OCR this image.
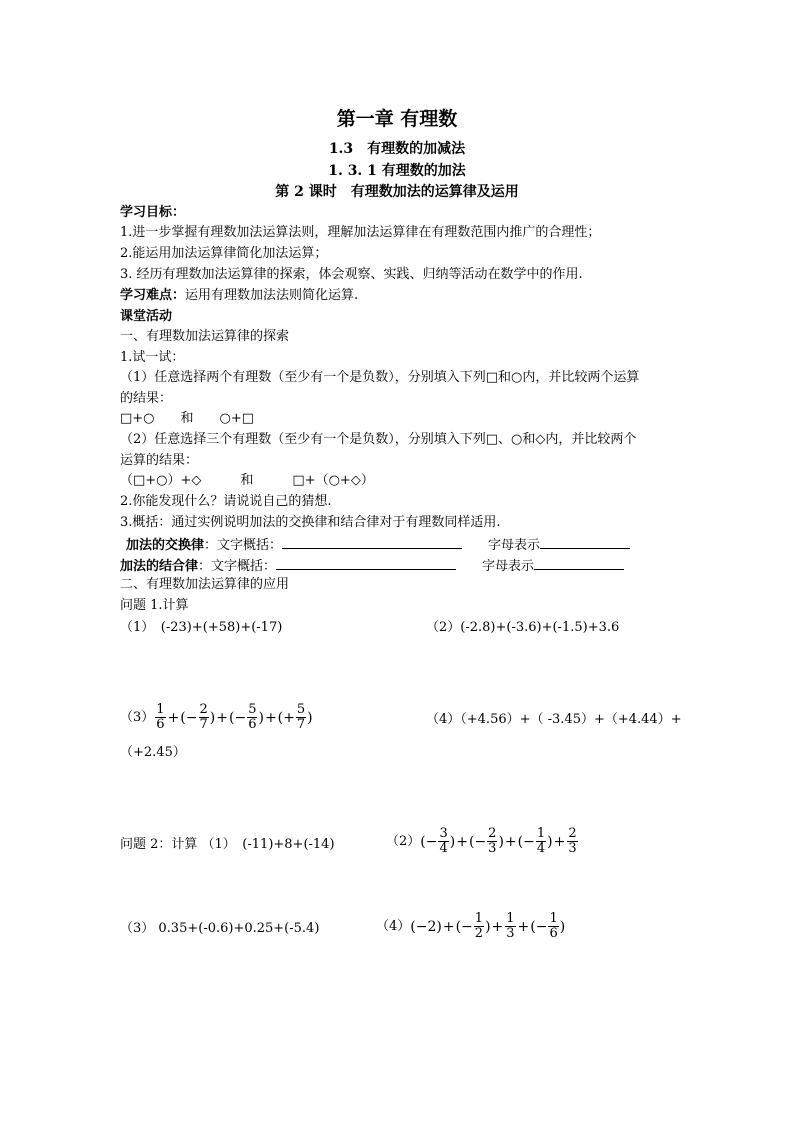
第一章 有理数
1.3　有理数的加减法
1. 3. 1 有理数的加法
第 2 课时　有理数加法的运算律及运用
学习目标：
1.进一步掌握有理数加法运算法则，理解加法运算律在有理数范围内推广的合理性；
2.能运用加法运算律简化加法运算；
3. 经历有理数加法运算律的探索，体会观察、实践、归纳等活动在数学中的作用.
学习难点：运用有理数加法法则简化运算.
课堂活动
一、有理数加法运算律的探索
1.试一试：
（1）任意选择两个有理数（至少有一个是负数），分别填入下列□和○内，并比较两个运算
的结果：
□+○　　和　　○+□
（2）任意选择三个有理数（至少有一个是负数），分别填入下列□、○和◇内，并比较两个
运算的结果：
（□+○）+◇　　　和　　　□+（○+◇）
2.你能发现什么？请说说自己的猜想.
3.概括：通过实例说明加法的交换律和结合律对于有理数同样适用.
加法的交换律：文字概括：	字母表示
加法的结合律：文字概括：	字母表示
二、有理数加法运算律的应用
问题 1.计算
（1）　(-23)+(+58)+(-17)	（2）(-2.8)+(-3.6)+(-1.5)+3.6
$(3) \frac{1}{6}$ + ( − $\frac{2}{7}$ ) + ( − $\frac{5}{6}$ ) + ( + $\frac{5}{7}$ )	（4）（+4.56）+（ -3.45）+（+4.44）+
（+2.45）
问题 2：计算 （1）　(-11)+8+(-14)	（2） ( − $\frac{3}{4}$ ) + ( − $\frac{2}{3}$ ) + ( − $\frac{1}{4}$ ) + $\frac{2}{3}$
（3） 0.35+(-0.6)+0.25+(-5.4)	（4） (−2) + ( − $\frac{1}{2}$ ) + $\frac{1}{3}$ + ( − $\frac{1}{6}$ )
